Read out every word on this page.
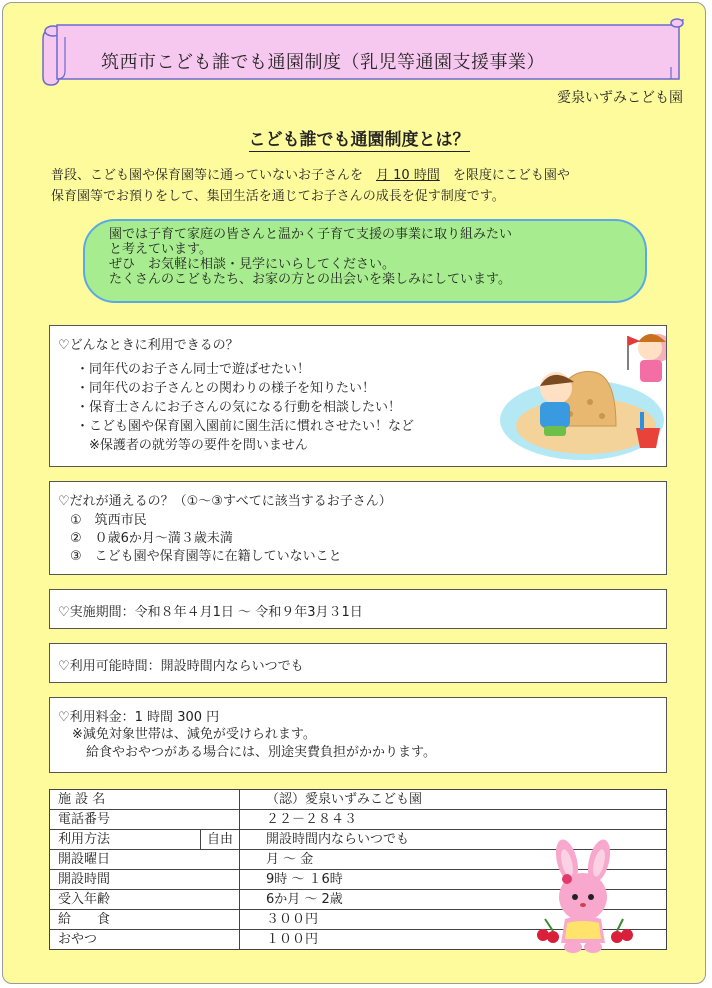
筑西市こども誰でも通園制度（乳児等通園支援事業）
愛泉いずみこども園
こども誰でも通園制度とは？
普段、こども園や保育園等に通っていないお子さんを　 月 10 時間　 を限度にこども園や
保育園等でお預りをして、集団生活を通じてお子さんの成長を促す制度です。
園では子育て家庭の皆さんと温かく子育て支援の事業に取り組みたい
と考えています。
ぜひ　お気軽に相談・見学にいらしてください。
たくさんのこどもたち、お家の方との出会いを楽しみにしています。
♡どんなときに利用できるの？
・同年代のお子さん同士で遊ばせたい！
・同年代のお子さんとの関わりの様子を知りたい！
・保育士さんにお子さんの気になる行動を相談したい！
・こども園や保育園入園前に園生活に慣れさせたい！など
　※保護者の就労等の要件を問いません
♡だれが通えるの？（①～③すべてに該当するお子さん）
①　筑西市民
②　０歳6か月～満３歳未満
③　こども園や保育園等に在籍していないこと
♡実施期間：令和８年４月1日 ～ 令和９年3月３1日
♡利用可能時間：開設時間内ならいつでも
♡利用料金：1 時間 300 円
※減免対象世帯は、減免が受けられます。
給食やおやつがある場合には、別途実費負担がかかります。
施 設 名		（認）愛泉いずみこども園
電話番号		２２－２８４３
利用方法	自由	開設時間内ならいつでも
開設曜日		月 ～ 金
開設時間		9時 ～ １6時
受入年齢		6か月 ～ 2歳
給　　食		３００円
おやつ		１００円
